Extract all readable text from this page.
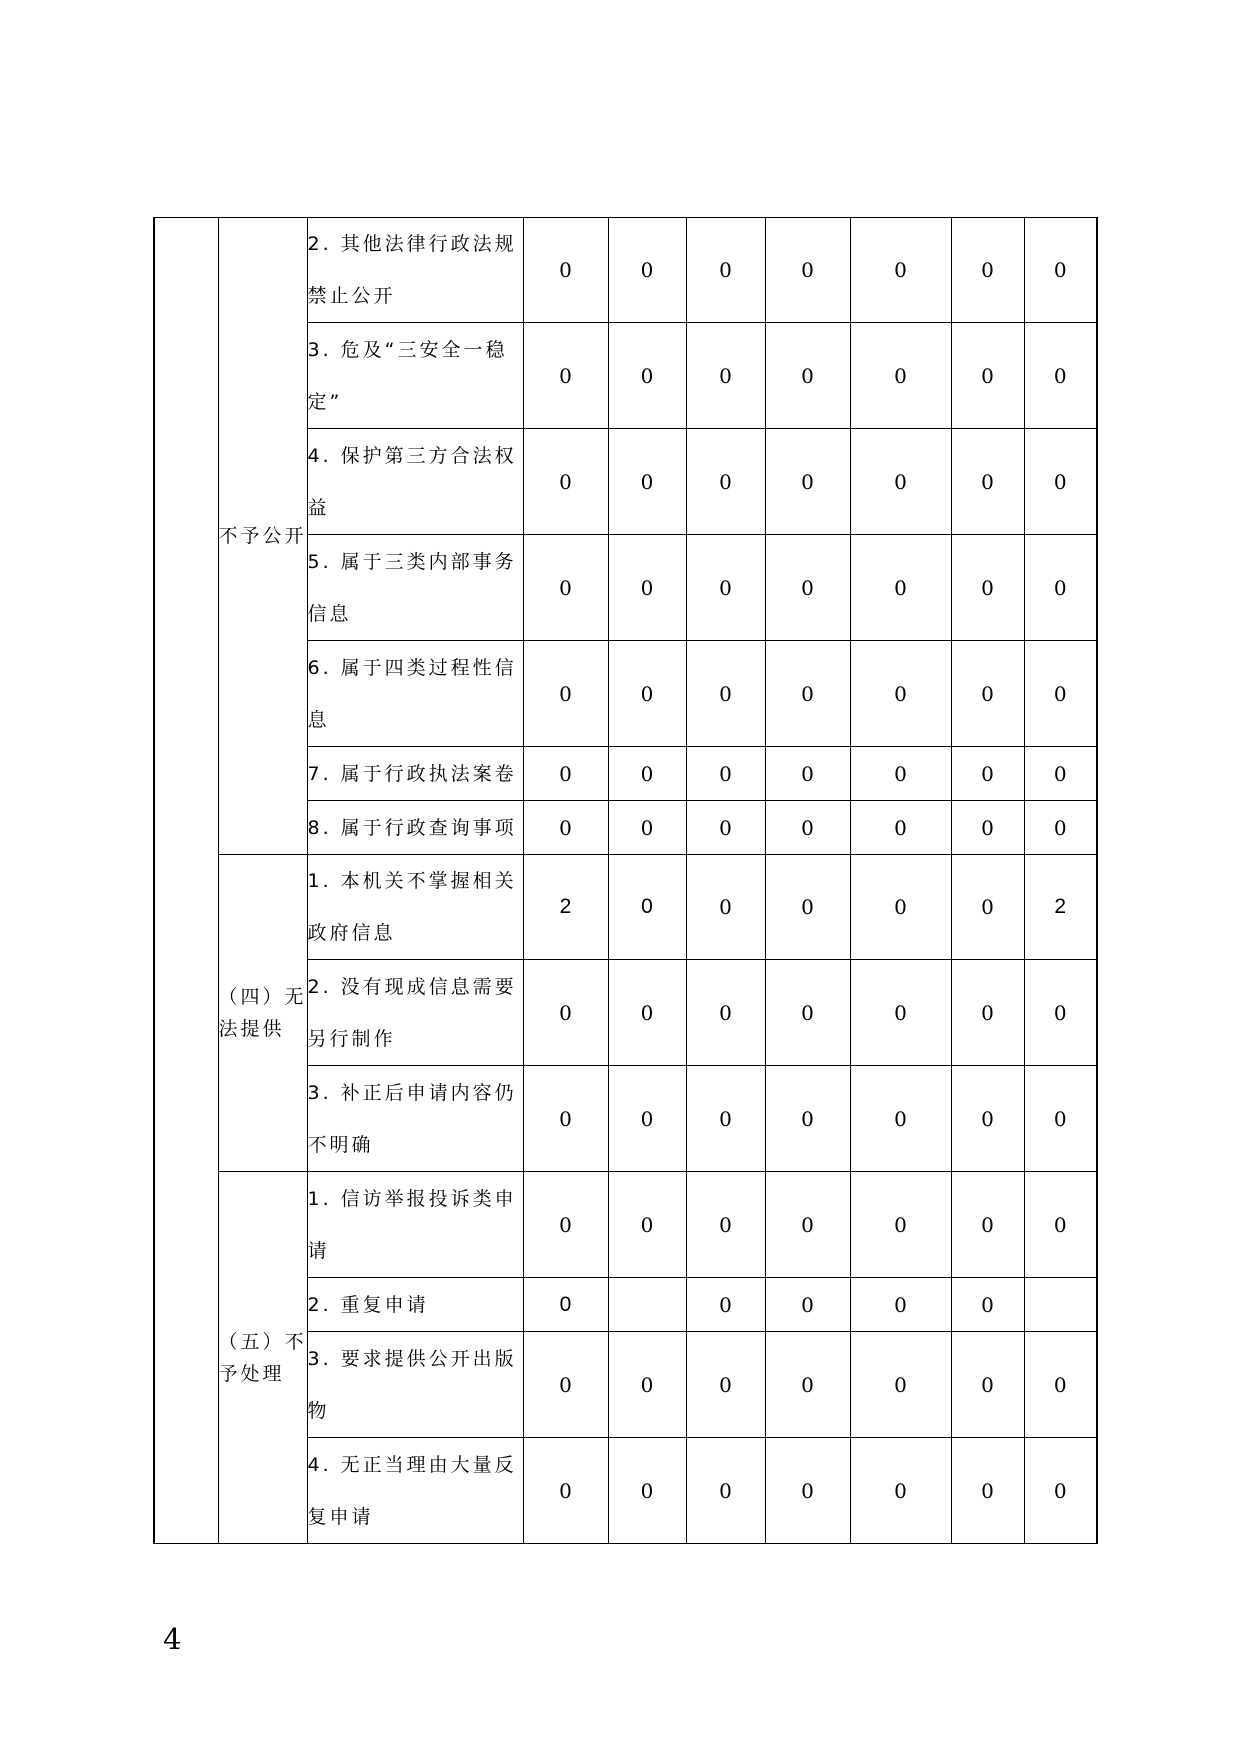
	不予公开	2. 其他法律行政法规禁止公开	0	0	0	0	0	0	0
		3. 危及“三安全一稳定”	0	0	0	0	0	0	0
		4. 保护第三方合法权益	0	0	0	0	0	0	0
		5. 属于三类内部事务信息	0	0	0	0	0	0	0
		6. 属于四类过程性信息	0	0	0	0	0	0	0
		7. 属于行政执法案卷	0	0	0	0	0	0	0
		8. 属于行政查询事项	0	0	0	0	0	0	0
	（四）无法提供	1. 本机关不掌握相关政府信息	2	0	0	0	0	0	2
		2. 没有现成信息需要另行制作	0	0	0	0	0	0	0
		3. 补正后申请内容仍不明确	0	0	0	0	0	0	0
	（五）不予处理	1. 信访举报投诉类申请	0	0	0	0	0	0	0
		2. 重复申请	0		0	0	0	0	
		3. 要求提供公开出版物	0	0	0	0	0	0	0
		4. 无正当理由大量反复申请	0	0	0	0	0	0	0
4
